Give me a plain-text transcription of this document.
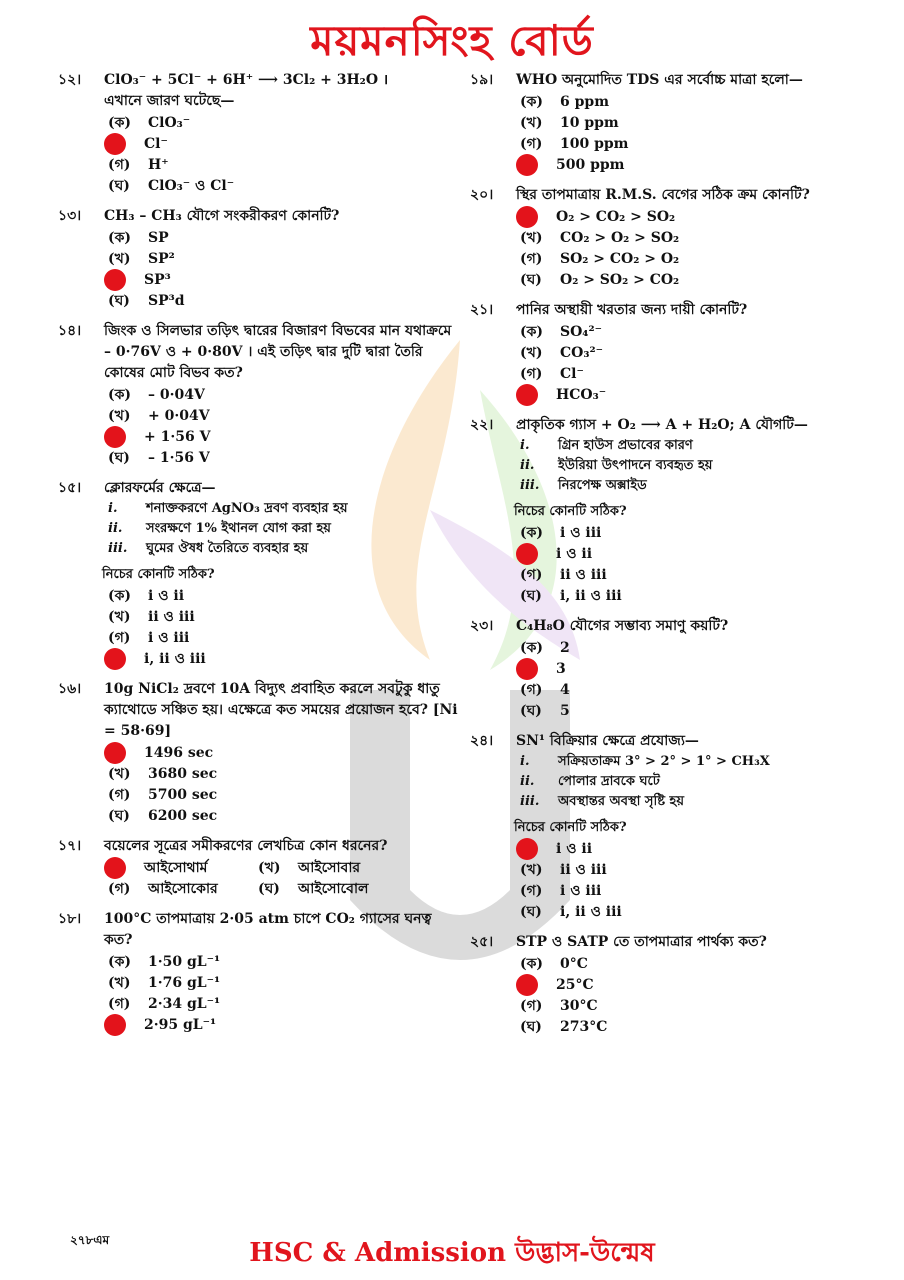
ময়মনসিংহ বোর্ড
১২।	ClO₃⁻ + 5Cl⁻ + 6H⁺ ⟶ 3Cl₂ + 3H₂O ।
এখানে জারণ ঘটেছে—
(ক)	ClO₃⁻
Cl⁻
(গ)	H⁺
(ঘ)	ClO₃⁻ ও Cl⁻
১৩।	CH₃ – CH₃ যৌগে সংকরীকরণ কোনটি?
(ক)	SP
(খ)	SP²
SP³
(ঘ)	SP³d
১৪।	জিংক ও সিলভার তড়িৎ দ্বারের বিজারণ বিভবের মান যথাক্রমে – 0·76V ও + 0·80V । এই তড়িৎ দ্বার দুটি দ্বারা তৈরি কোষের মোট বিভব কত?
(ক)	– 0·04V
(খ)	+ 0·04V
+ 1·56 V
(ঘ)	– 1·56 V
১৫।	ক্লোরফর্মের ক্ষেত্রে—
i.	শনাক্তকরণে AgNO₃ দ্রবণ ব্যবহার হয়
ii.	সংরক্ষণে 1% ইথানল যোগ করা হয়
iii.	ঘুমের ঔষধ তৈরিতে ব্যবহার হয়
নিচের কোনটি সঠিক?
(ক)	i ও ii
(খ)	ii ও iii
(গ)	i ও iii
i, ii ও iii
১৬।	10g NiCl₂ দ্রবণে 10A বিদ্যুৎ প্রবাহিত করলে সবটুকু ধাতু ক্যাথোডে সঞ্চিত হয়। এক্ষেত্রে কত সময়ের প্রয়োজন হবে? [Ni = 58·69]
1496 sec
(খ)	3680 sec
(গ)	5700 sec
(ঘ)	6200 sec
১৭।	বয়েলের সূত্রের সমীকরণের লেখচিত্র কোন ধরনের?
আইসোথার্ম	(খ)	আইসোবার
(গ)	আইসোকোর	(ঘ)	আইসোবোল
১৮।	100°C তাপমাত্রায় 2·05 atm চাপে CO₂ গ্যাসের ঘনত্ব কত?
(ক)	1·50 gL⁻¹
(খ)	1·76 gL⁻¹
(গ)	2·34 gL⁻¹
2·95 gL⁻¹
১৯।	WHO অনুমোদিত TDS এর সর্বোচ্চ মাত্রা হলো—
(ক)	6 ppm
(খ)	10 ppm
(গ)	100 ppm
500 ppm
২০।	স্থির তাপমাত্রায় R.M.S. বেগের সঠিক ক্রম কোনটি?
O₂ > CO₂ > SO₂
(খ)	CO₂ > O₂ > SO₂
(গ)	SO₂ > CO₂ > O₂
(ঘ)	O₂ > SO₂ > CO₂
২১।	পানির অস্থায়ী খরতার জন্য দায়ী কোনটি?
(ক)	SO₄²⁻
(খ)	CO₃²⁻
(গ)	Cl⁻
HCO₃⁻
২২।	প্রাকৃতিক গ্যাস + O₂ ⟶ A + H₂O; A যৌগটি—
i.	গ্রিন হাউস প্রভাবের কারণ
ii.	ইউরিয়া উৎপাদনে ব্যবহৃত হয়
iii.	নিরপেক্ষ অক্সাইড
নিচের কোনটি সঠিক?
(ক)	i ও iii
i ও ii
(গ)	ii ও iii
(ঘ)	i, ii ও iii
২৩।	C₄H₈O যৌগের সম্ভাব্য সমাণু কয়টি?
(ক)	2
3
(গ)	4
(ঘ)	5
২৪।	SN¹ বিক্রিয়ার ক্ষেত্রে প্রযোজ্য—
i.	সক্রিয়তাক্রম 3° > 2° > 1° > CH₃X
ii.	পোলার দ্রাবকে ঘটে
iii.	অবস্থান্তর অবস্থা সৃষ্টি হয়
নিচের কোনটি সঠিক?
i ও ii
(খ)	ii ও iii
(গ)	i ও iii
(ঘ)	i, ii ও iii
২৫।	STP ও SATP তে তাপমাত্রার পার্থক্য কত?
(ক)	0°C
25°C
(গ)	30°C
(ঘ)	273°C
২৭৮এম	HSC & Admission উদ্ভাস-উন্মেষ
